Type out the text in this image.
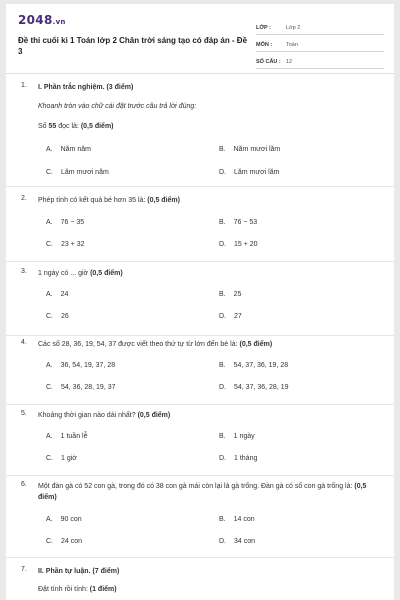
2048.vn
Đề thi cuối kì 1 Toán lớp 2 Chân trời sáng tạo có đáp án - Đề 3
LỚP :	Lớp 2
MÔN :	Toán
SỐ CÂU : 12
1. I. Phần trắc nghiệm. (3 điểm)
Khoanh tròn vào chữ cái đặt trước câu trả lời đúng:
Số 55 đọc là: (0,5 điểm)
A. Năm năm	B. Năm mươi lăm
C. Lăm mươi năm	D. Lăm mươi lăm
2. Phép tính có kết quả bé hơn 35 là: (0,5 điểm)
A. 76 − 35	B. 76 − 53
C. 23 + 32	D. 15 + 20
3. 1 ngày có ... giờ (0,5 điểm)
A. 24	B. 25
C. 26	D. 27
4. Các số 28, 36, 19, 54, 37 được viết theo thứ tự từ lớn đến bé là: (0,5 điểm)
A. 36, 54, 19, 37, 28	B. 54, 37, 36, 19, 28
C. 54, 36, 28, 19, 37	D. 54, 37, 36, 28, 19
5. Khoảng thời gian nào dài nhất? (0,5 điểm)
A. 1 tuần lễ	B. 1 ngày
C. 1 giờ	D. 1 tháng
6. Một đàn gà có 52 con gà, trong đó có 38 con gà mái còn lại là gà trống. Đàn gà có số con gà trống là: (0,5 điểm)
A. 90 con	B. 14 con
C. 24 con	D. 34 con
7. II. Phần tự luận. (7 điểm)
Đặt tính rồi tính: (1 điểm)
